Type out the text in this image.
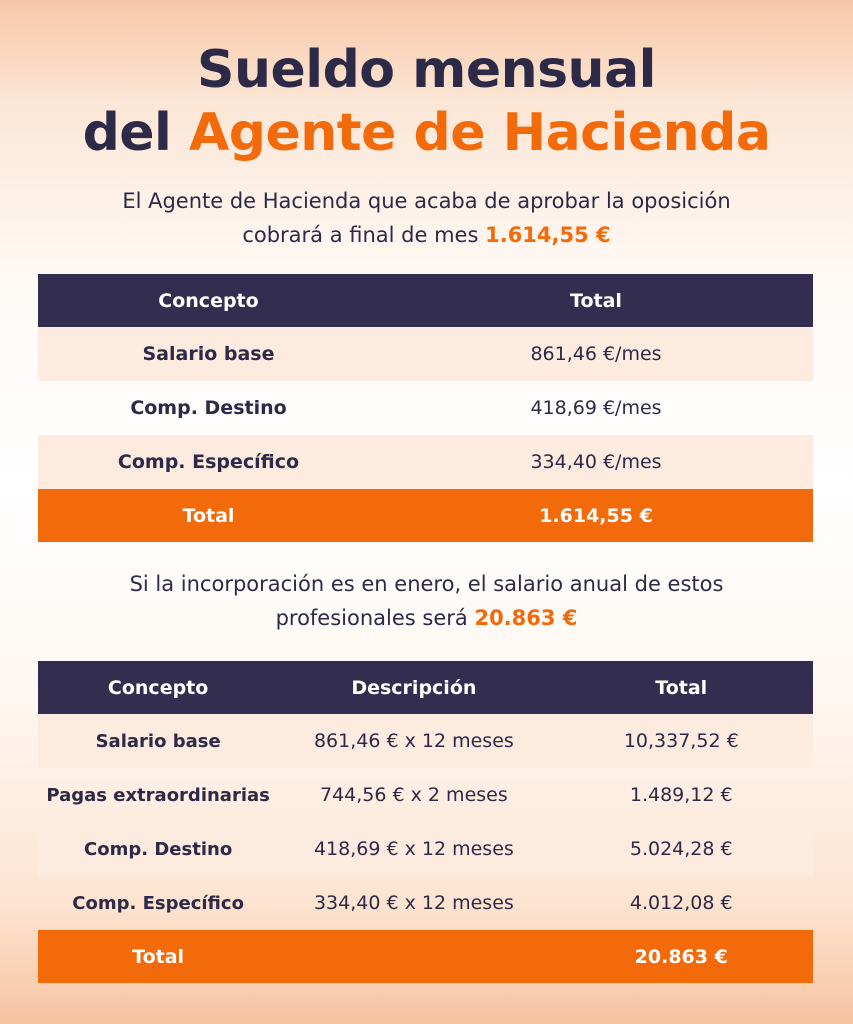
Sueldo mensual
del Agente de Hacienda
El Agente de Hacienda que acaba de aprobar la oposición
cobrará a final de mes 1.614,55 €
Concepto	Total
Salario base	861,46 €/mes
Comp. Destino	418,69 €/mes
Comp. Específico	334,40 €/mes
Total	1.614,55 €
Si la incorporación es en enero, el salario anual de estos
profesionales será 20.863 €
Concepto	Descripción	Total
Salario base	861,46 € x 12 meses	10,337,52 €
Pagas extraordinarias	744,56 € x 2 meses	1.489,12 €
Comp. Destino	418,69 € x 12 meses	5.024,28 €
Comp. Específico	334,40 € x 12 meses	4.012,08 €
Total		20.863 €
